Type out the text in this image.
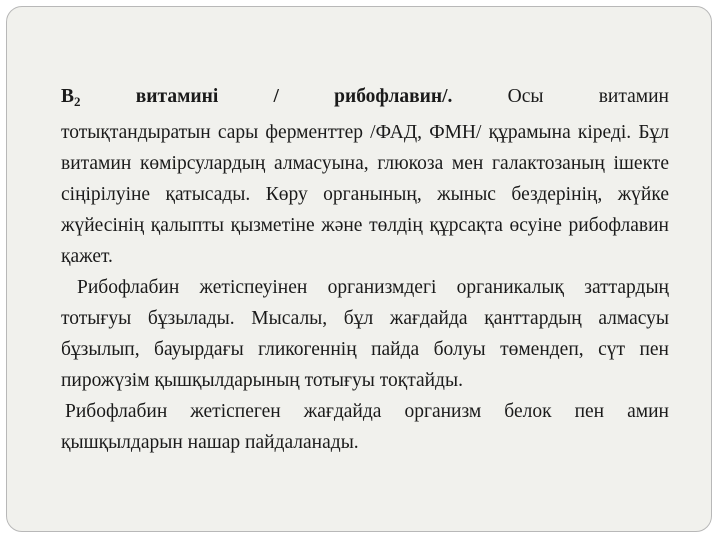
$B_2$	витамині	/	рибофлавин/.	Осы	витамин
тотықтандыратын сары ферменттер /ФАД, ФМН/ құрамына кіреді. Бұл витамин көмірсулардың алмасуына, глюкоза мен галактозаның ішекте сіңірілуіне қатысады. Көру органының, жыныс бездерінің, жүйке жүйесінің қалыпты қызметіне және төлдің құрсақта өсуіне рибофлавин қажет.

Рибофлабин жетіспеуінен организмдегі органикалық заттардың тотығуы бұзылады. Мысалы, бұл жағдайда қанттардың алмасуы бұзылып, бауырдағы гликогеннің пайда болуы төмендеп, сүт пен пирожүзім қышқылдарының тотығуы тоқтайды.

Рибофлабин жетіспеген жағдайда организм белок пен амин қышқылдарын нашар пайдаланады.
